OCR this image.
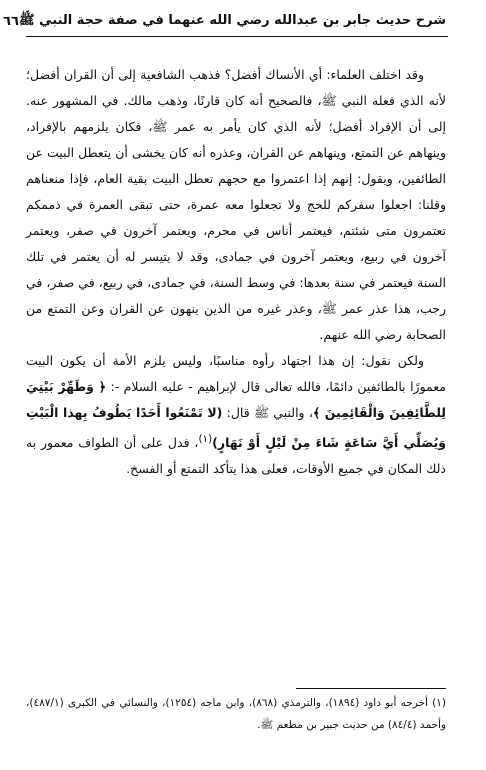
شرح حديث جابر بن عبدالله رضي الله عنهما في صفة حجة النبي ﷺ
٦٦

وقد اختلف العلماء: أي الأنساك أفضل؟ فذهب الشافعية إلى أن القران أفضل؛ لأنه الذي فعله النبي ﷺ، فالصحيح أنه كان قارنًا، وذهب مالك. في المشهور عنه. إلى أن الإفراد أفضل؛ لأنه الذي كان يأمر به عمر ﷺ، فكان يلزمهم بالإفراد، وينهاهم عن التمتع، وينهاهم عن القران، وعذره أنه كان يخشى أن يتعطل البيت عن الطائفين، ويقول: إنهم إذا اعتمروا مع حجهم تعطل البيت بقية العام، فإذا منعناهم وقلنا: اجعلوا سفركم للحج ولا تجعلوا معه عمرة، حتى تبقى العمرة في ذممكم تعتمرون متى شئتم، فيعتمر أناس في محرم، ويعتمر آخرون في صفر، ويعتمر آخرون في ربيع، ويعتمر آخرون في جمادى، وقد لا يتيسر له أن يعتمر في تلك السنة فيعتمر في سنة بعدها: في وسط السنة، في جمادى، في ربيع، في صفر، في رجب، هذا عذر عمر ﷺ، وعذر غيره من الذين ينهون عن القران وعن التمتع من الصحابة رضي الله عنهم.

ولكن نقول: إن هذا اجتهاد رأوه مناسبًا، وليس يلزم الأمة أن يكون البيت معمورًا بالطائفين دائمًا، فالله تعالى قال لإبراهيم - عليه السلام -: ﴿ وَطَهِّرْ بَيْتِيَ لِلطَّائِفِينَ وَالْقَائِمِينَ ﴾، والنبي ﷺ قال: (لا تَمْنَعُوا أَحَدًا يَطُوفُ بِهذا الْبَيْتِ وَيُصَلِّي أَيَّ سَاعَةٍ شَاءَ مِنْ لَيْلٍ أَوْ نَهَارٍ)$^{(١)}$، فدل على أن الطواف معمور به ذلك المكان في جميع الأوقات، فعلى هذا يتأكد التمتع أو الفسخ.

(١) أخرجه أبو داود (١٨٩٤)، والترمذي (٨٦٨)، وابن ماجه (١٢٥٤)، والنسائي في الكبرى (٤٨٧/١)، وأحمد (٨٤/٤) من حديث جبير بن مطعم ﷺ.
